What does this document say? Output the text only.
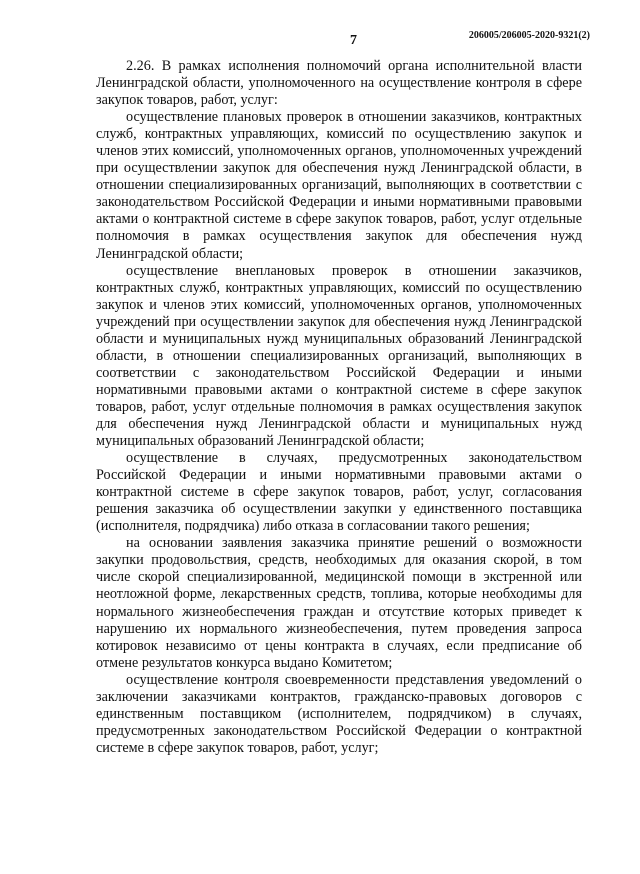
7	206005/206005-2020-9321(2)

2.26. В рамках исполнения полномочий органа исполнительной власти Ленинградской области, уполномоченного на осуществление контроля в сфере закупок товаров, работ, услуг:

осуществление плановых проверок в отношении заказчиков, контрактных служб, контрактных управляющих, комиссий по осуществлению закупок и членов этих комиссий, уполномоченных органов, уполномоченных учреждений при осуществлении закупок для обеспечения нужд Ленинградской области, в отношении специализированных организаций, выполняющих в соответствии с законодательством Российской Федерации и иными нормативными правовыми актами о контрактной системе в сфере закупок товаров, работ, услуг отдельные полномочия в рамках осуществления закупок для обеспечения нужд Ленинградской области;

осуществление внеплановых проверок в отношении заказчиков, контрактных служб, контрактных управляющих, комиссий по осуществлению закупок и членов этих комиссий, уполномоченных органов, уполномоченных учреждений при осуществлении закупок для обеспечения нужд Ленинградской области и муниципальных нужд муниципальных образований Ленинградской области, в отношении специализированных организаций, выполняющих в соответствии с законодательством Российской Федерации и иными нормативными правовыми актами о контрактной системе в сфере закупок товаров, работ, услуг отдельные полномочия в рамках осуществления закупок для обеспечения нужд Ленинградской области и муниципальных нужд муниципальных образований Ленинградской области;

осуществление в случаях, предусмотренных законодательством Российской Федерации и иными нормативными правовыми актами о контрактной системе в сфере закупок товаров, работ, услуг, согласования решения заказчика об осуществлении закупки у единственного поставщика (исполнителя, подрядчика) либо отказа в согласовании такого решения;

на основании заявления заказчика принятие решений о возможности закупки продовольствия, средств, необходимых для оказания скорой, в том числе скорой специализированной, медицинской помощи в экстренной или неотложной форме, лекарственных средств, топлива, которые необходимы для нормального жизнеобеспечения граждан и отсутствие которых приведет к нарушению их нормального жизнеобеспечения, путем проведения запроса котировок независимо от цены контракта в случаях, если предписание об отмене результатов конкурса выдано Комитетом;

осуществление контроля своевременности представления уведомлений о заключении заказчиками контрактов, гражданско-правовых договоров с единственным поставщиком (исполнителем, подрядчиком) в случаях, предусмотренных законодательством Российской Федерации о контрактной системе в сфере закупок товаров, работ, услуг;
